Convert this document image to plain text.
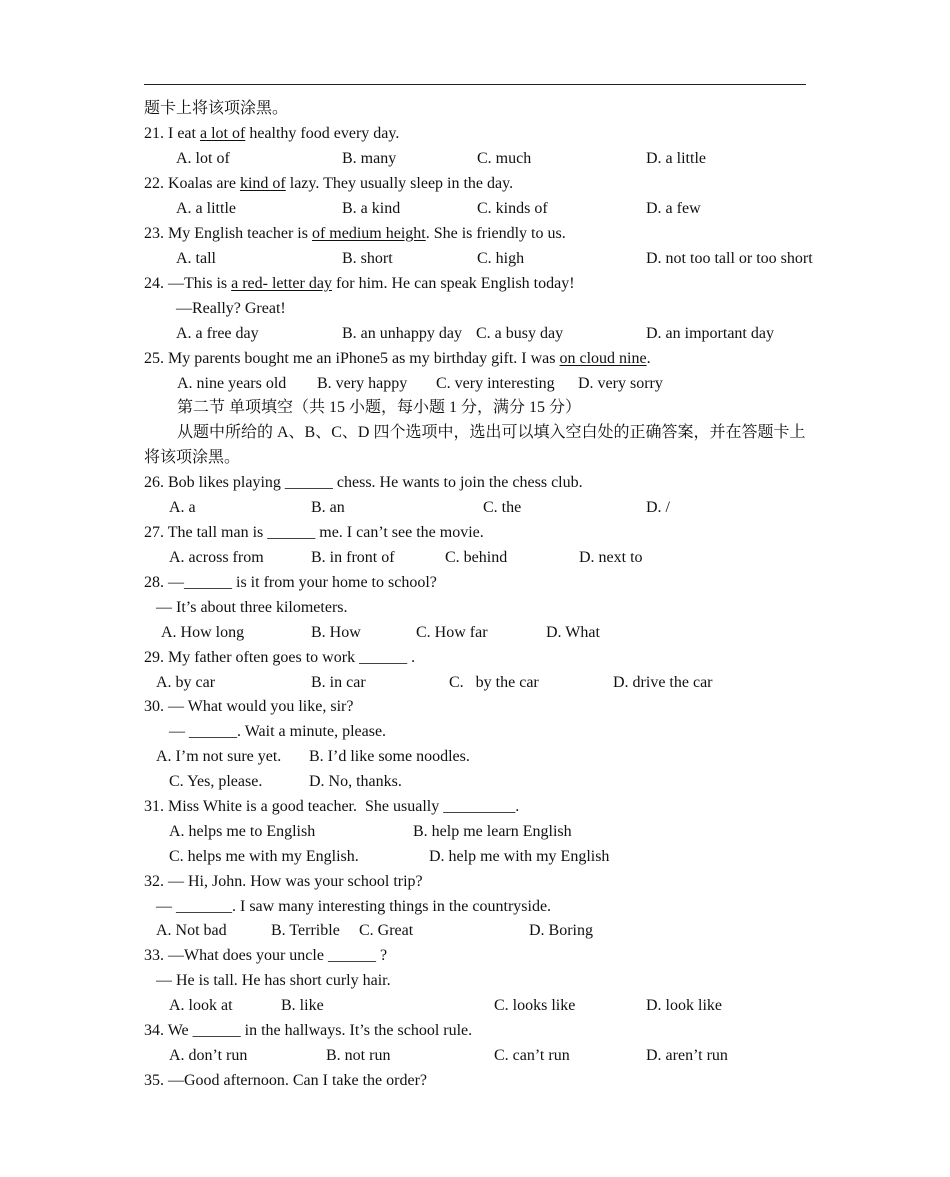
题卡上将该项涂黑。
21. I eat a lot of healthy food every day.
A. lot of	B. many	C. much	D. a little
22. Koalas are kind of lazy. They usually sleep in the day.
A. a little	B. a kind	C. kinds of	D. a few
23. My English teacher is of medium height. She is friendly to us.
A. tall	B. short	C. high	D. not too tall or too short
24. —This is a red- letter day for him. He can speak English today!
—Really? Great!
A. a free day	B. an unhappy day C. a busy day	D. an important day
25. My parents bought me an iPhone5 as my birthday gift. I was on cloud nine.
A. nine years old B. very happy C. very interesting D. very sorry
第二节 单项填空（共 15 小题，每小题 1 分，满分 15 分）
从题中所给的 A、B、C、D 四个选项中，选出可以填入空白处的正确答案，并在答题卡上
将该项涂黑。
26. Bob likes playing ______ chess. He wants to join the chess club.
A. a	B. an	C. the	D. /
27. The tall man is ______ me. I can’t see the movie.
A. across from	B. in front of	C. behind	D. next to
28. —______ is it from your home to school?
— It’s about three kilometers.
A. How long	B. How	C. How far	D. What
29. My father often goes to work ______ .
A. by car	B. in car	C.   by the car	D. drive the car
30. — What would you like, sir?
— ______. Wait a minute, please.
A. I’m not sure yet. B. I’d like some noodles.
C. Yes, please.	D. No, thanks.
31. Miss White is a good teacher.  She usually _________.
A. helps me to English	B. help me learn English
C. helps me with my English.	D. help me with my English
32. — Hi, John. How was your school trip?
— _______. I saw many interesting things in the countryside.
A. Not bad	B. Terrible C. Great	D. Boring
33. —What does your uncle ______ ?
— He is tall. He has short curly hair.
A. look at	B. like	C. looks like	D. look like
34. We ______ in the hallways. It’s the school rule.
A. don’t run	B. not run	C. can’t run	D. aren’t run
35. —Good afternoon. Can I take the order?
